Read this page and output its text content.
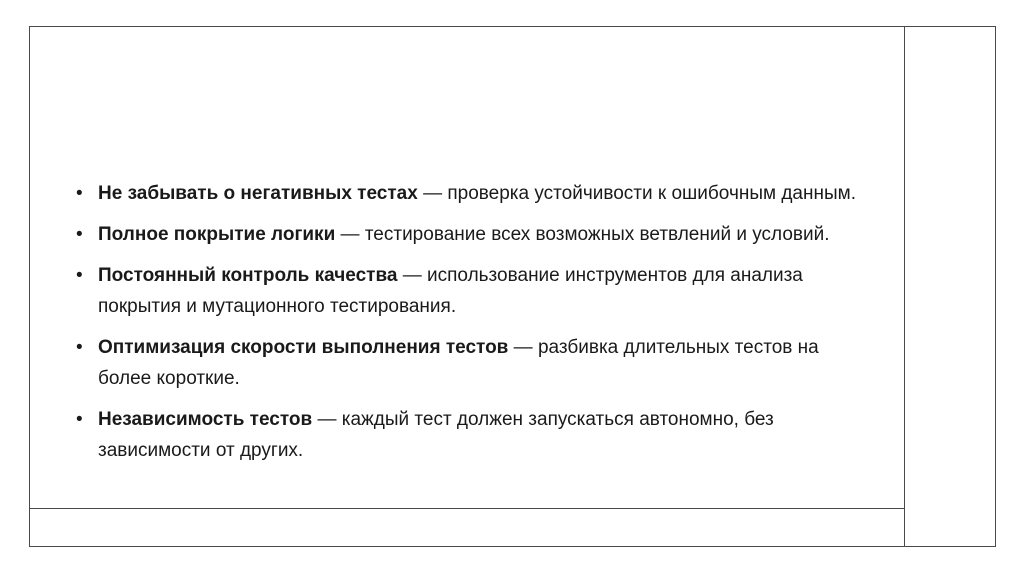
• Не забывать о негативных тестах — проверка устойчивости к ошибочным данным.
• Полное покрытие логики — тестирование всех возможных ветвлений и условий.
• Постоянный контроль качества — использование инструментов для анализа покрытия и мутационного тестирования.
• Оптимизация скорости выполнения тестов — разбивка длительных тестов на более короткие.
• Независимость тестов — каждый тест должен запускаться автономно, без зависимости от других.
